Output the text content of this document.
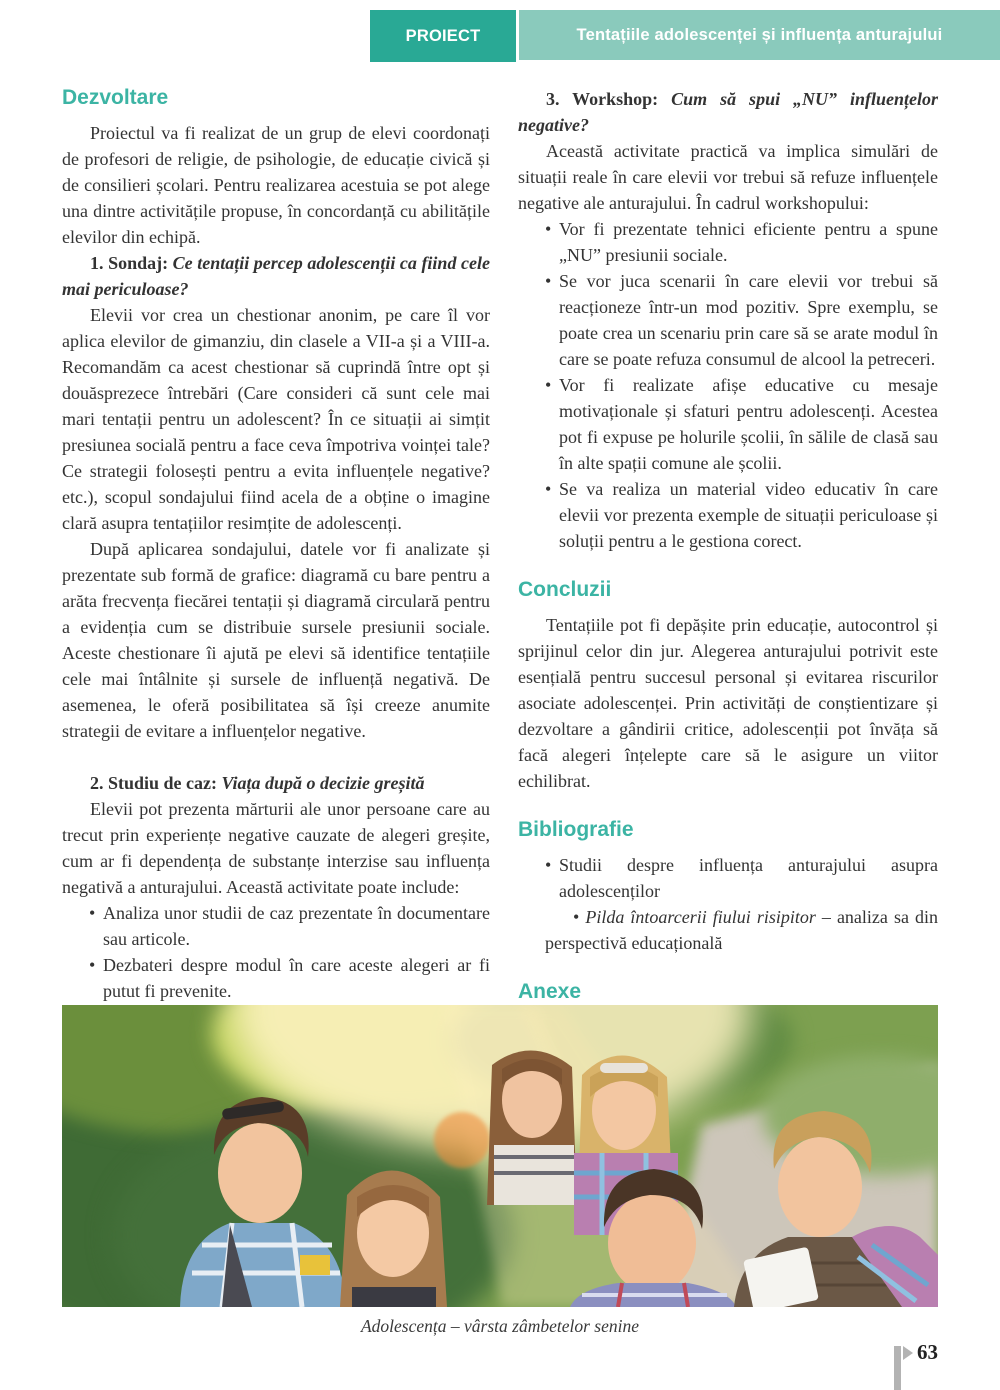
PROIECT	Tentațiile adolescenței și influența anturajului
Dezvoltare

Proiectul va fi realizat de un grup de elevi coordonați de profesori de religie, de psihologie, de educație civică și de consilieri școlari. Pentru realizarea acestuia se pot alege una dintre activitățile propuse, în concordanță cu abilitățile elevilor din echipă.

1. Sondaj: Ce tentații percep adolescenții ca fiind cele mai periculoase?

Elevii vor crea un chestionar anonim, pe care îl vor aplica elevilor de gimanziu, din clasele a VII-a și a VIII-a. Recomandăm ca acest chestionar să cuprindă între opt și douăsprezece întrebări (Care consideri că sunt cele mai mari tentații pentru un adolescent? În ce situații ai simțit presiunea socială pentru a face ceva împotriva voinței tale? Ce strategii folosești pentru a evita influențele negative? etc.), scopul sondajului fiind acela de a obține o imagine clară asupra tentațiilor resimțite de adolescenți.

După aplicarea sondajului, datele vor fi analizate și prezentate sub formă de grafice: diagramă cu bare pentru a arăta frecvența fiecărei tentații și diagramă circulară pentru a evidenția cum se distribuie sursele presiunii sociale. Aceste chestionare îi ajută pe elevi să identifice tentațiile cele mai întâlnite și sursele de influență negativă. De asemenea, le oferă posibilitatea să își creeze anumite strategii de evitare a influențelor negative.

2. Studiu de caz: Viața după o decizie greșită

Elevii pot prezenta mărturii ale unor persoane care au trecut prin experiențe negative cauzate de alegeri greșite, cum ar fi dependența de substanțe interzise sau influența negativă a anturajului. Această activitate poate include:

• Analiza unor studii de caz prezentate în documentare sau articole.
• Dezbateri despre modul în care aceste alegeri ar fi putut fi prevenite.

3. Workshop: Cum să spui „NU” influențelor negative?

Această activitate practică va implica simulări de situații reale în care elevii vor trebui să refuze influențele negative ale anturajului. În cadrul workshopului:

• Vor fi prezentate tehnici eficiente pentru a spune „NU” presiunii sociale.
• Se vor juca scenarii în care elevii vor trebui să reacționeze într-un mod pozitiv. Spre exemplu, se poate crea un scenariu prin care să se arate modul în care se poate refuza consumul de alcool la petreceri.
• Vor fi realizate afișe educative cu mesaje motivaționale și sfaturi pentru adolescenți. Acestea pot fi expuse pe holurile școlii, în sălile de clasă sau în alte spații comune ale școlii.
• Se va realiza un material video educativ în care elevii vor prezenta exemple de situații periculoase și soluții pentru a le gestiona corect.
Concluzii

Tentațiile pot fi depășite prin educație, autocontrol și sprijinul celor din jur. Alegerea anturajului potrivit este esențială pentru succesul personal și evitarea riscurilor asociate adolescenței. Prin activități de conștientizare și dezvoltare a gândirii critice, adolescenții pot învăța să facă alegeri înțelepte care să le asigure un viitor echilibrat.

Bibliografie
• Studii despre influența anturajului asupra adolescenților
• Pilda întoarcerii fiului risipitor – analiza sa din perspectivă educațională
Anexe
•
•
Adolescența – vârsta zâmbetelor senine
63
